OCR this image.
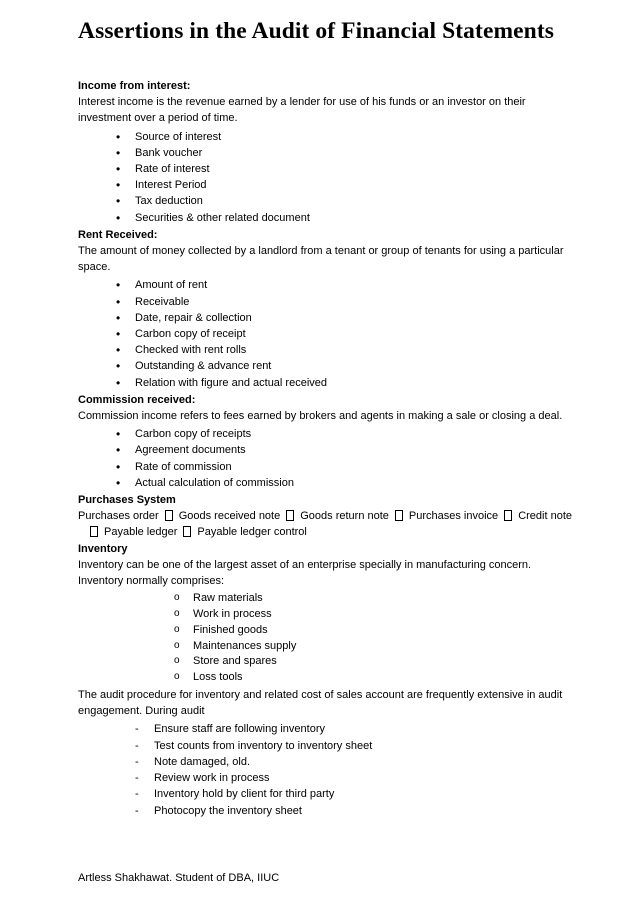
Assertions in the Audit of Financial Statements

Income from interest:

Interest income is the revenue earned by a lender for use of his funds or an investor on their investment over a period of time.

• Source of interest
• Bank voucher
• Rate of interest
• Interest Period
• Tax deduction
• Securities & other related document

Rent Received:

The amount of money collected by a landlord from a tenant or group of tenants for using a particular space.

• Amount of rent
• Receivable
• Date, repair & collection
• Carbon copy of receipt
• Checked with rent rolls
• Outstanding & advance rent
• Relation with figure and actual received

Commission received:

Commission income refers to fees earned by brokers and agents in making a sale or closing a deal.

• Carbon copy of receipts
• Agreement documents
• Rate of commission
• Actual calculation of commission

Purchases System

Purchases order Goods received note Goods return note Purchases invoice Credit note
Payable ledger Payable ledger control

Inventory

Inventory can be one of the largest asset of an enterprise specially in manufacturing concern.

Inventory normally comprises:

o Raw materials
o Work in process
o Finished goods
o Maintenances supply
o Store and spares
o Loss tools

The audit procedure for inventory and related cost of sales account are frequently extensive in audit engagement. During audit

- Ensure staff are following inventory
- Test counts from inventory to inventory sheet
- Note damaged, old.
- Review work in process
- Inventory hold by client for third party
- Photocopy the inventory sheet
Artless Shakhawat. Student of DBA, IIUC
